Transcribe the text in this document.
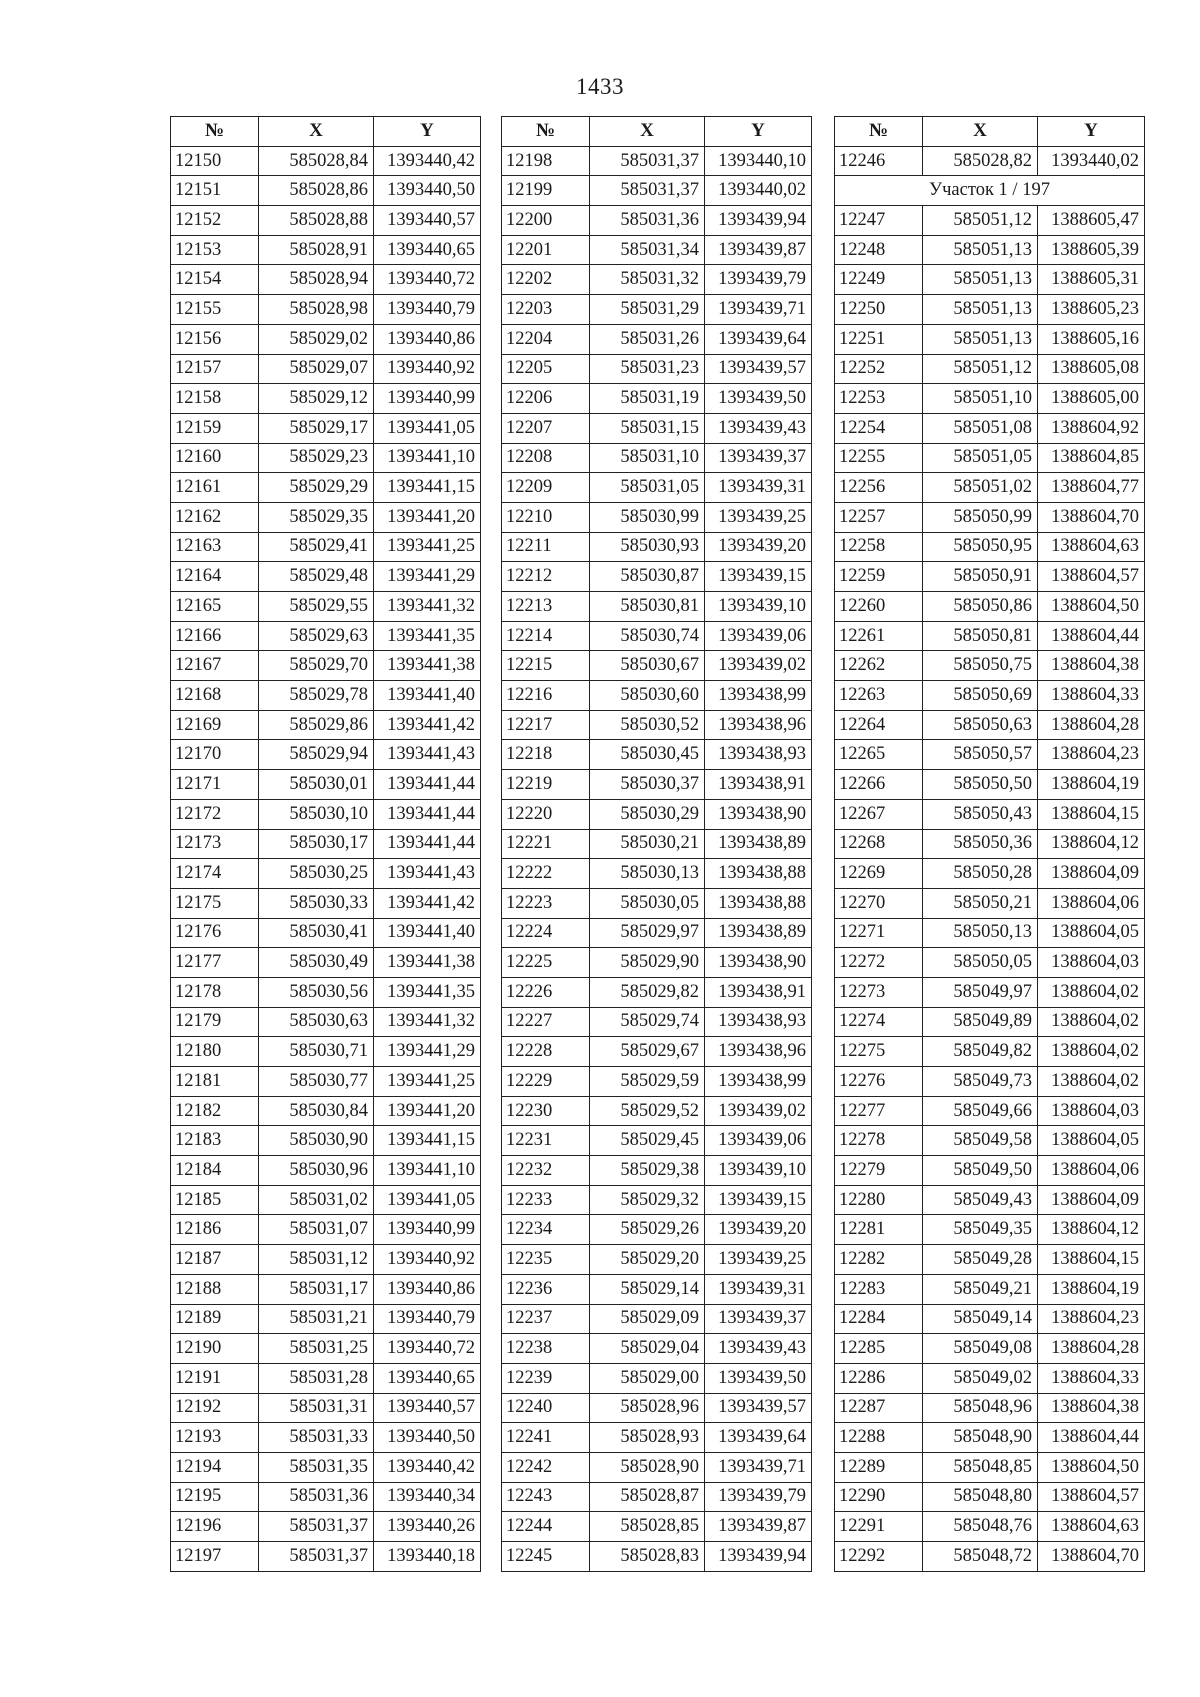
1433
№	X	Y
12150	585028,84	1393440,42
12151	585028,86	1393440,50
12152	585028,88	1393440,57
12153	585028,91	1393440,65
12154	585028,94	1393440,72
12155	585028,98	1393440,79
12156	585029,02	1393440,86
12157	585029,07	1393440,92
12158	585029,12	1393440,99
12159	585029,17	1393441,05
12160	585029,23	1393441,10
12161	585029,29	1393441,15
12162	585029,35	1393441,20
12163	585029,41	1393441,25
12164	585029,48	1393441,29
12165	585029,55	1393441,32
12166	585029,63	1393441,35
12167	585029,70	1393441,38
12168	585029,78	1393441,40
12169	585029,86	1393441,42
12170	585029,94	1393441,43
12171	585030,01	1393441,44
12172	585030,10	1393441,44
12173	585030,17	1393441,44
12174	585030,25	1393441,43
12175	585030,33	1393441,42
12176	585030,41	1393441,40
12177	585030,49	1393441,38
12178	585030,56	1393441,35
12179	585030,63	1393441,32
12180	585030,71	1393441,29
12181	585030,77	1393441,25
12182	585030,84	1393441,20
12183	585030,90	1393441,15
12184	585030,96	1393441,10
12185	585031,02	1393441,05
12186	585031,07	1393440,99
12187	585031,12	1393440,92
12188	585031,17	1393440,86
12189	585031,21	1393440,79
12190	585031,25	1393440,72
12191	585031,28	1393440,65
12192	585031,31	1393440,57
12193	585031,33	1393440,50
12194	585031,35	1393440,42
12195	585031,36	1393440,34
12196	585031,37	1393440,26
12197	585031,37	1393440,18
№	X	Y
12198	585031,37	1393440,10
12199	585031,37	1393440,02
12200	585031,36	1393439,94
12201	585031,34	1393439,87
12202	585031,32	1393439,79
12203	585031,29	1393439,71
12204	585031,26	1393439,64
12205	585031,23	1393439,57
12206	585031,19	1393439,50
12207	585031,15	1393439,43
12208	585031,10	1393439,37
12209	585031,05	1393439,31
12210	585030,99	1393439,25
12211	585030,93	1393439,20
12212	585030,87	1393439,15
12213	585030,81	1393439,10
12214	585030,74	1393439,06
12215	585030,67	1393439,02
12216	585030,60	1393438,99
12217	585030,52	1393438,96
12218	585030,45	1393438,93
12219	585030,37	1393438,91
12220	585030,29	1393438,90
12221	585030,21	1393438,89
12222	585030,13	1393438,88
12223	585030,05	1393438,88
12224	585029,97	1393438,89
12225	585029,90	1393438,90
12226	585029,82	1393438,91
12227	585029,74	1393438,93
12228	585029,67	1393438,96
12229	585029,59	1393438,99
12230	585029,52	1393439,02
12231	585029,45	1393439,06
12232	585029,38	1393439,10
12233	585029,32	1393439,15
12234	585029,26	1393439,20
12235	585029,20	1393439,25
12236	585029,14	1393439,31
12237	585029,09	1393439,37
12238	585029,04	1393439,43
12239	585029,00	1393439,50
12240	585028,96	1393439,57
12241	585028,93	1393439,64
12242	585028,90	1393439,71
12243	585028,87	1393439,79
12244	585028,85	1393439,87
12245	585028,83	1393439,94
№	X	Y
12246	585028,82	1393440,02
Участок 1 / 197		
12247	585051,12	1388605,47
12248	585051,13	1388605,39
12249	585051,13	1388605,31
12250	585051,13	1388605,23
12251	585051,13	1388605,16
12252	585051,12	1388605,08
12253	585051,10	1388605,00
12254	585051,08	1388604,92
12255	585051,05	1388604,85
12256	585051,02	1388604,77
12257	585050,99	1388604,70
12258	585050,95	1388604,63
12259	585050,91	1388604,57
12260	585050,86	1388604,50
12261	585050,81	1388604,44
12262	585050,75	1388604,38
12263	585050,69	1388604,33
12264	585050,63	1388604,28
12265	585050,57	1388604,23
12266	585050,50	1388604,19
12267	585050,43	1388604,15
12268	585050,36	1388604,12
12269	585050,28	1388604,09
12270	585050,21	1388604,06
12271	585050,13	1388604,05
12272	585050,05	1388604,03
12273	585049,97	1388604,02
12274	585049,89	1388604,02
12275	585049,82	1388604,02
12276	585049,73	1388604,02
12277	585049,66	1388604,03
12278	585049,58	1388604,05
12279	585049,50	1388604,06
12280	585049,43	1388604,09
12281	585049,35	1388604,12
12282	585049,28	1388604,15
12283	585049,21	1388604,19
12284	585049,14	1388604,23
12285	585049,08	1388604,28
12286	585049,02	1388604,33
12287	585048,96	1388604,38
12288	585048,90	1388604,44
12289	585048,85	1388604,50
12290	585048,80	1388604,57
12291	585048,76	1388604,63
12292	585048,72	1388604,70
